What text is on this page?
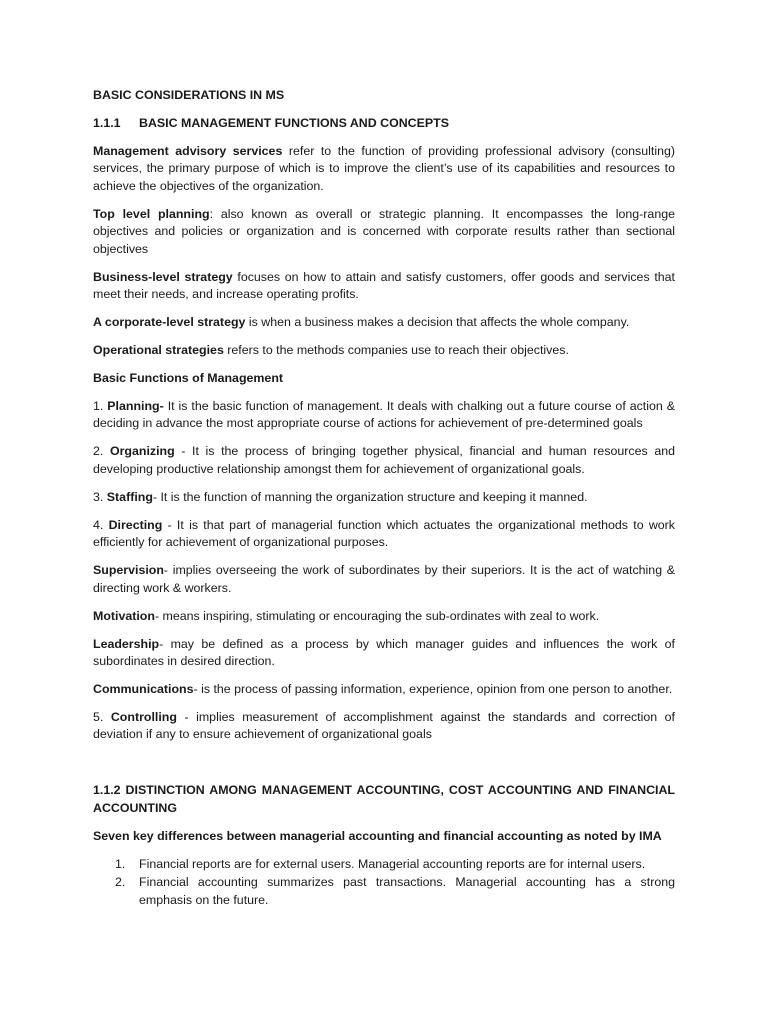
BASIC CONSIDERATIONS IN MS

1.1.1 BASIC MANAGEMENT FUNCTIONS AND CONCEPTS

Management advisory services refer to the function of providing professional advisory (consulting) services, the primary purpose of which is to improve the client’s use of its capabilities and resources to achieve the objectives of the organization.

Top level planning: also known as overall or strategic planning. It encompasses the long-range objectives and policies or organization and is concerned with corporate results rather than sectional objectives

Business-level strategy focuses on how to attain and satisfy customers, offer goods and services that meet their needs, and increase operating profits.

A corporate-level strategy is when a business makes a decision that affects the whole company.

Operational strategies refers to the methods companies use to reach their objectives.

Basic Functions of Management

1. Planning- It is the basic function of management. It deals with chalking out a future course of action & deciding in advance the most appropriate course of actions for achievement of pre-determined goals

2. Organizing - It is the process of bringing together physical, financial and human resources and developing productive relationship amongst them for achievement of organizational goals.

3. Staffing- It is the function of manning the organization structure and keeping it manned.

4. Directing - It is that part of managerial function which actuates the organizational methods to work efficiently for achievement of organizational purposes.

Supervision- implies overseeing the work of subordinates by their superiors. It is the act of watching & directing work & workers.

Motivation- means inspiring, stimulating or encouraging the sub-ordinates with zeal to work.

Leadership- may be defined as a process by which manager guides and influences the work of subordinates in desired direction.

Communications- is the process of passing information, experience, opinion from one person to another.

5. Controlling - implies measurement of accomplishment against the standards and correction of deviation if any to ensure achievement of organizational goals

1.1.2 DISTINCTION AMONG MANAGEMENT ACCOUNTING, COST ACCOUNTING AND FINANCIAL ACCOUNTING

Seven key differences between managerial accounting and financial accounting as noted by IMA

1. Financial reports are for external users. Managerial accounting reports are for internal users.
2. Financial accounting summarizes past transactions. Managerial accounting has a strong emphasis on the future.
